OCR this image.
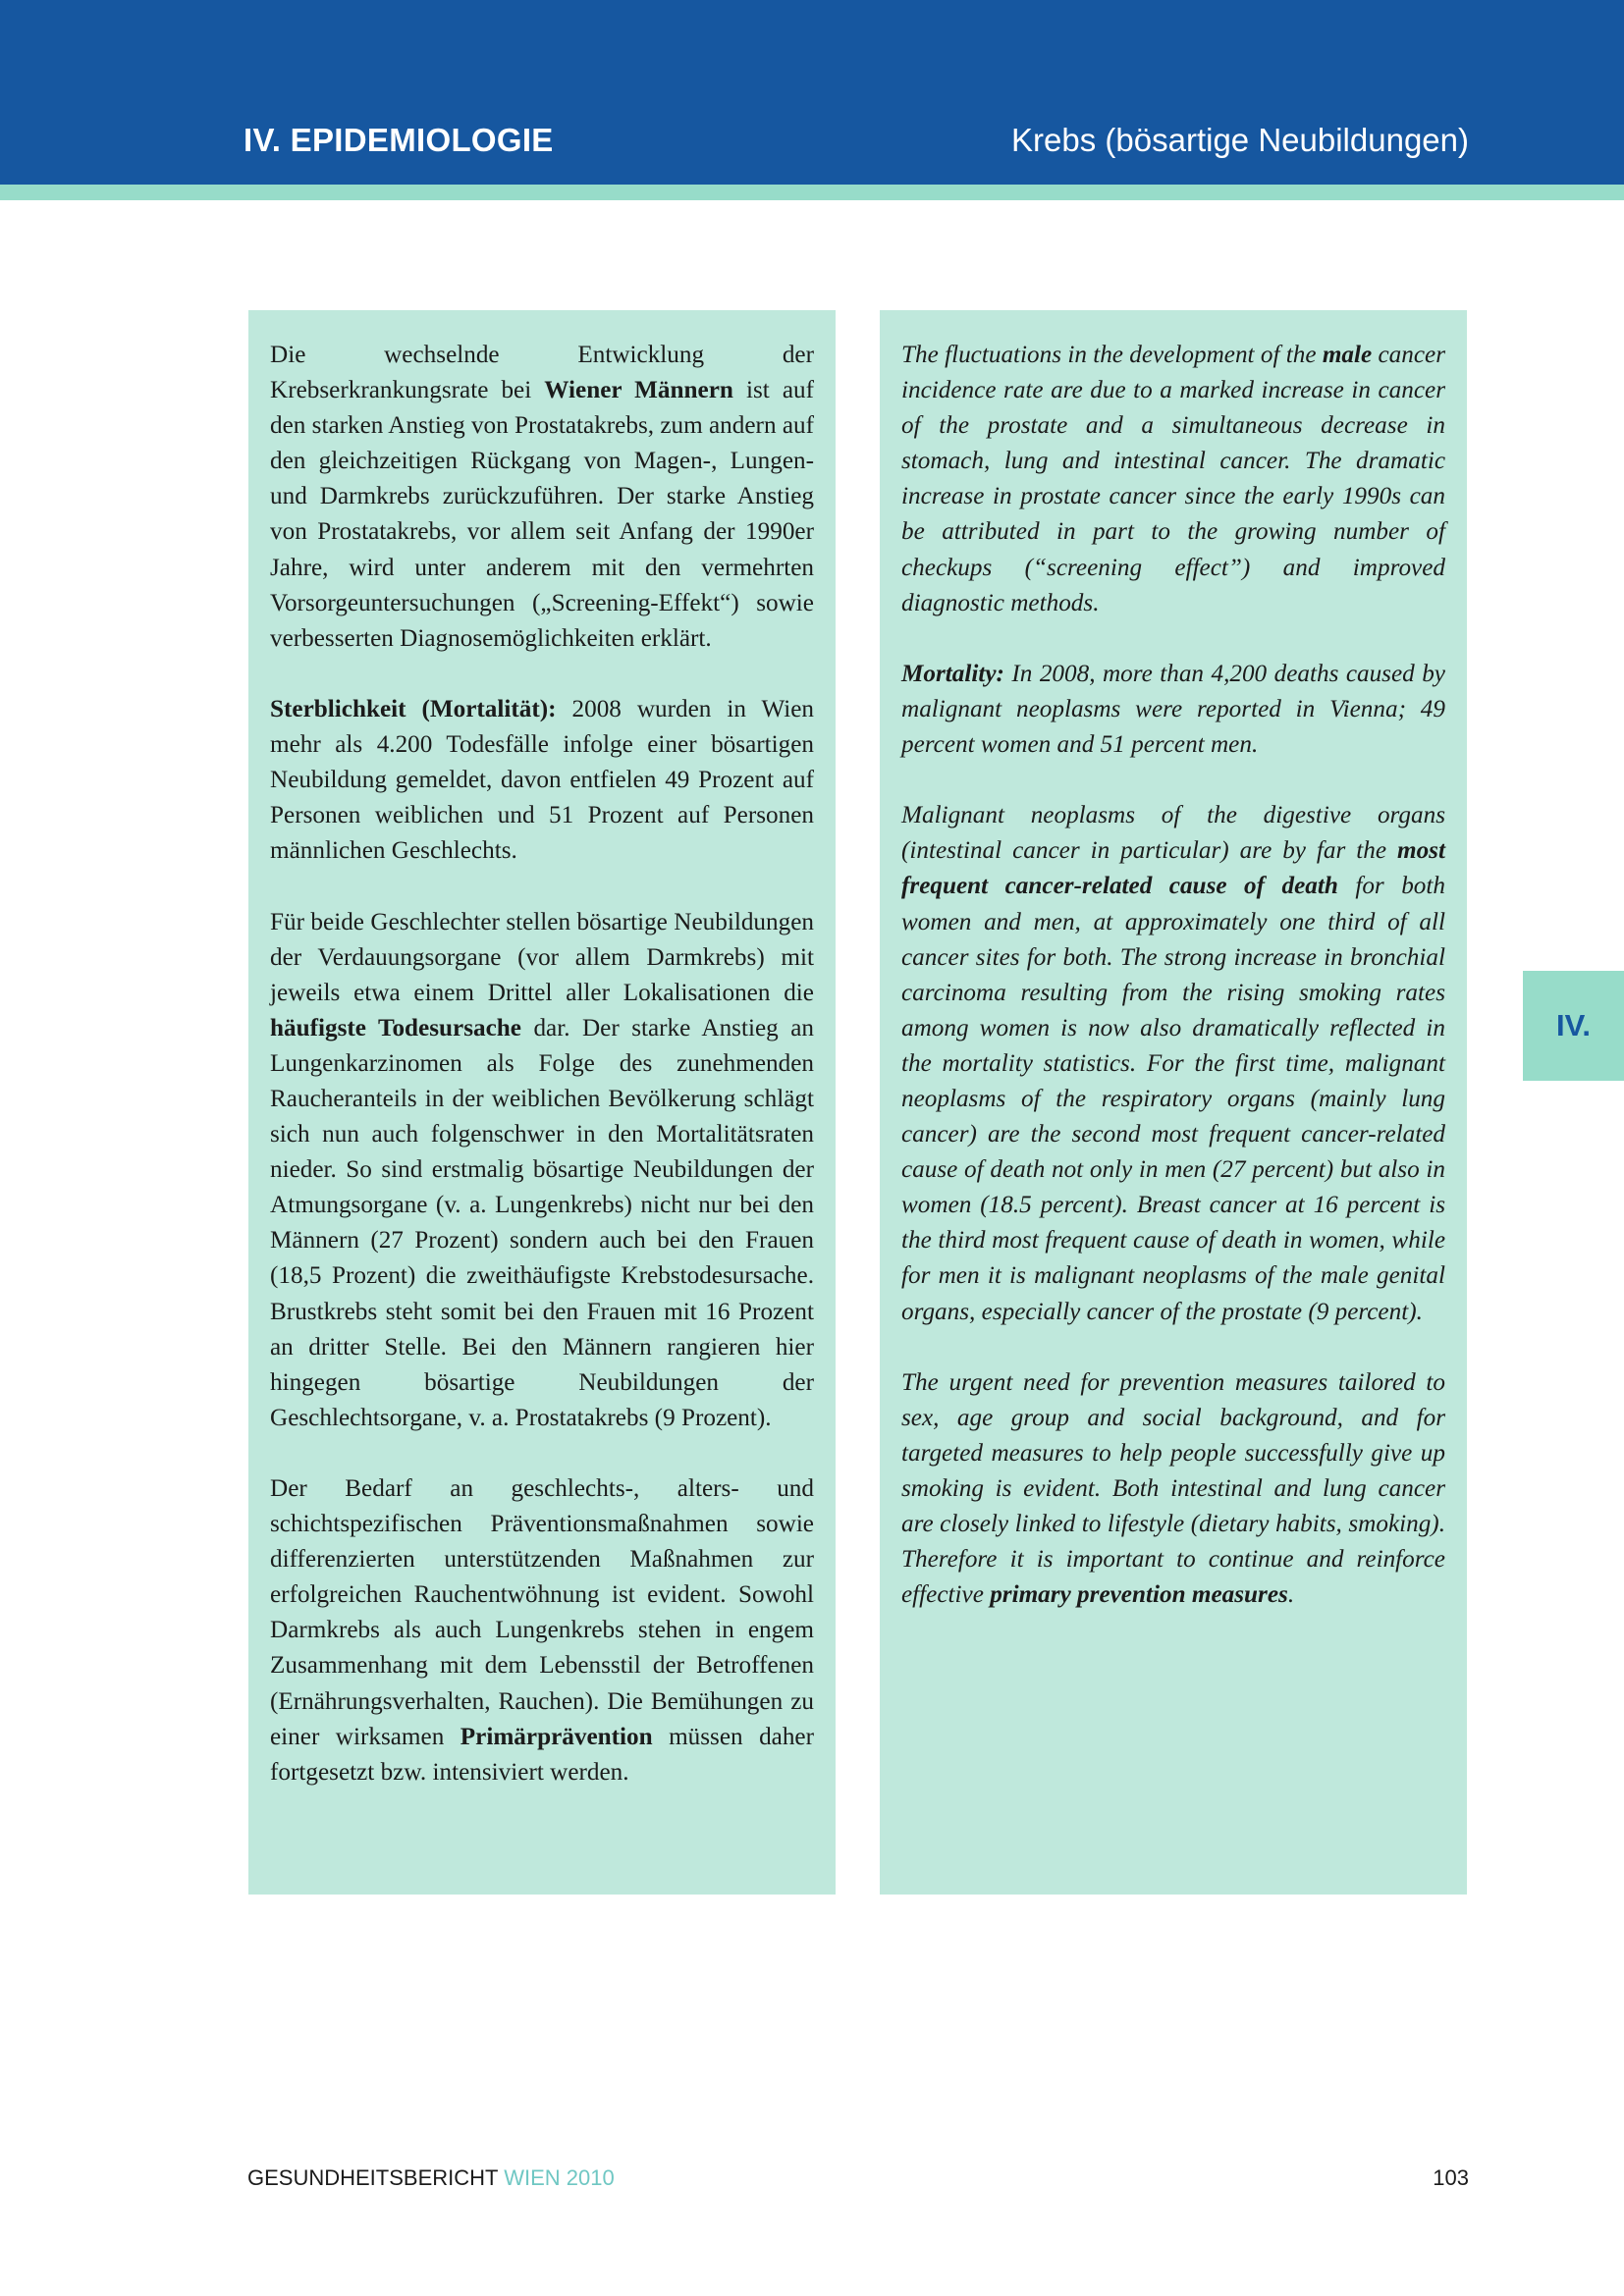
IV. EPIDEMIOLOGIE	Krebs (bösartige Neubildungen)

Die wechselnde Entwicklung der Krebserkrankungsrate bei Wiener Männern ist auf den starken Anstieg von Prostatakrebs, zum andern auf den gleichzeitigen Rückgang von Magen-, Lungen- und Darmkrebs zurückzuführen. Der starke Anstieg von Prostatakrebs, vor allem seit Anfang der 1990er Jahre, wird unter anderem mit den vermehrten Vorsorgeuntersuchungen („Screening-Effekt“) sowie verbesserten Diagnosemöglichkeiten erklärt.

Sterblichkeit (Mortalität): 2008 wurden in Wien mehr als 4.200 Todesfälle infolge einer bösartigen Neubildung gemeldet, davon entfielen 49 Prozent auf Personen weiblichen und 51 Prozent auf Personen männlichen Geschlechts.

Für beide Geschlechter stellen bösartige Neubildungen der Verdauungsorgane (vor allem Darmkrebs) mit jeweils etwa einem Drittel aller Lokalisationen die häufigste Todesursache dar. Der starke Anstieg an Lungenkarzinomen als Folge des zunehmenden Raucheranteils in der weiblichen Bevölkerung schlägt sich nun auch folgenschwer in den Mortalitätsraten nieder. So sind erstmalig bösartige Neubildungen der Atmungsorgane (v. a. Lungenkrebs) nicht nur bei den Männern (27 Prozent) sondern auch bei den Frauen (18,5 Prozent) die zweithäufigste Krebstodesursache. Brustkrebs steht somit bei den Frauen mit 16 Prozent an dritter Stelle. Bei den Männern rangieren hier hingegen bösartige Neubildungen der Geschlechtsorgane, v. a. Prostatakrebs (9 Prozent).

Der Bedarf an geschlechts-, alters- und schichtspezifischen Präventionsmaßnahmen sowie differenzierten unterstützenden Maßnahmen zur erfolgreichen Rauchentwöhnung ist evident. Sowohl Darmkrebs als auch Lungenkrebs stehen in engem Zusammenhang mit dem Lebensstil der Betroffenen (Ernährungsverhalten, Rauchen). Die Bemühungen zu einer wirksamen Primärprävention müssen daher fortgesetzt bzw. intensiviert werden.

The fluctuations in the development of the male cancer incidence rate are due to a marked increase in cancer of the prostate and a simultaneous decrease in stomach, lung and intestinal cancer. The dramatic increase in prostate cancer since the early 1990s can be attributed in part to the growing number of checkups (“screening effect”) and improved diagnostic methods.

Mortality: In 2008, more than 4,200 deaths caused by malignant neoplasms were reported in Vienna; 49 percent women and 51 percent men.

Malignant neoplasms of the digestive organs (intestinal cancer in particular) are by far the most frequent cancer-related cause of death for both women and men, at approximately one third of all cancer sites for both. The strong increase in bronchial carcinoma resulting from the rising smoking rates among women is now also dramatically reflected in the mortality statistics. For the first time, malignant neoplasms of the respiratory organs (mainly lung cancer) are the second most frequent cancer-related cause of death not only in men (27 percent) but also in women (18.5 percent). Breast cancer at 16 percent is the third most frequent cause of death in women, while for men it is malignant neoplasms of the male genital organs, especially cancer of the prostate (9 percent).

The urgent need for prevention measures tailored to sex, age group and social background, and for targeted measures to help people successfully give up smoking is evident. Both intestinal and lung cancer are closely linked to lifestyle (dietary habits, smoking). Therefore it is important to continue and reinforce effective primary prevention measures.

IV.
GESUNDHEITSBERICHT WIEN 2010	103
